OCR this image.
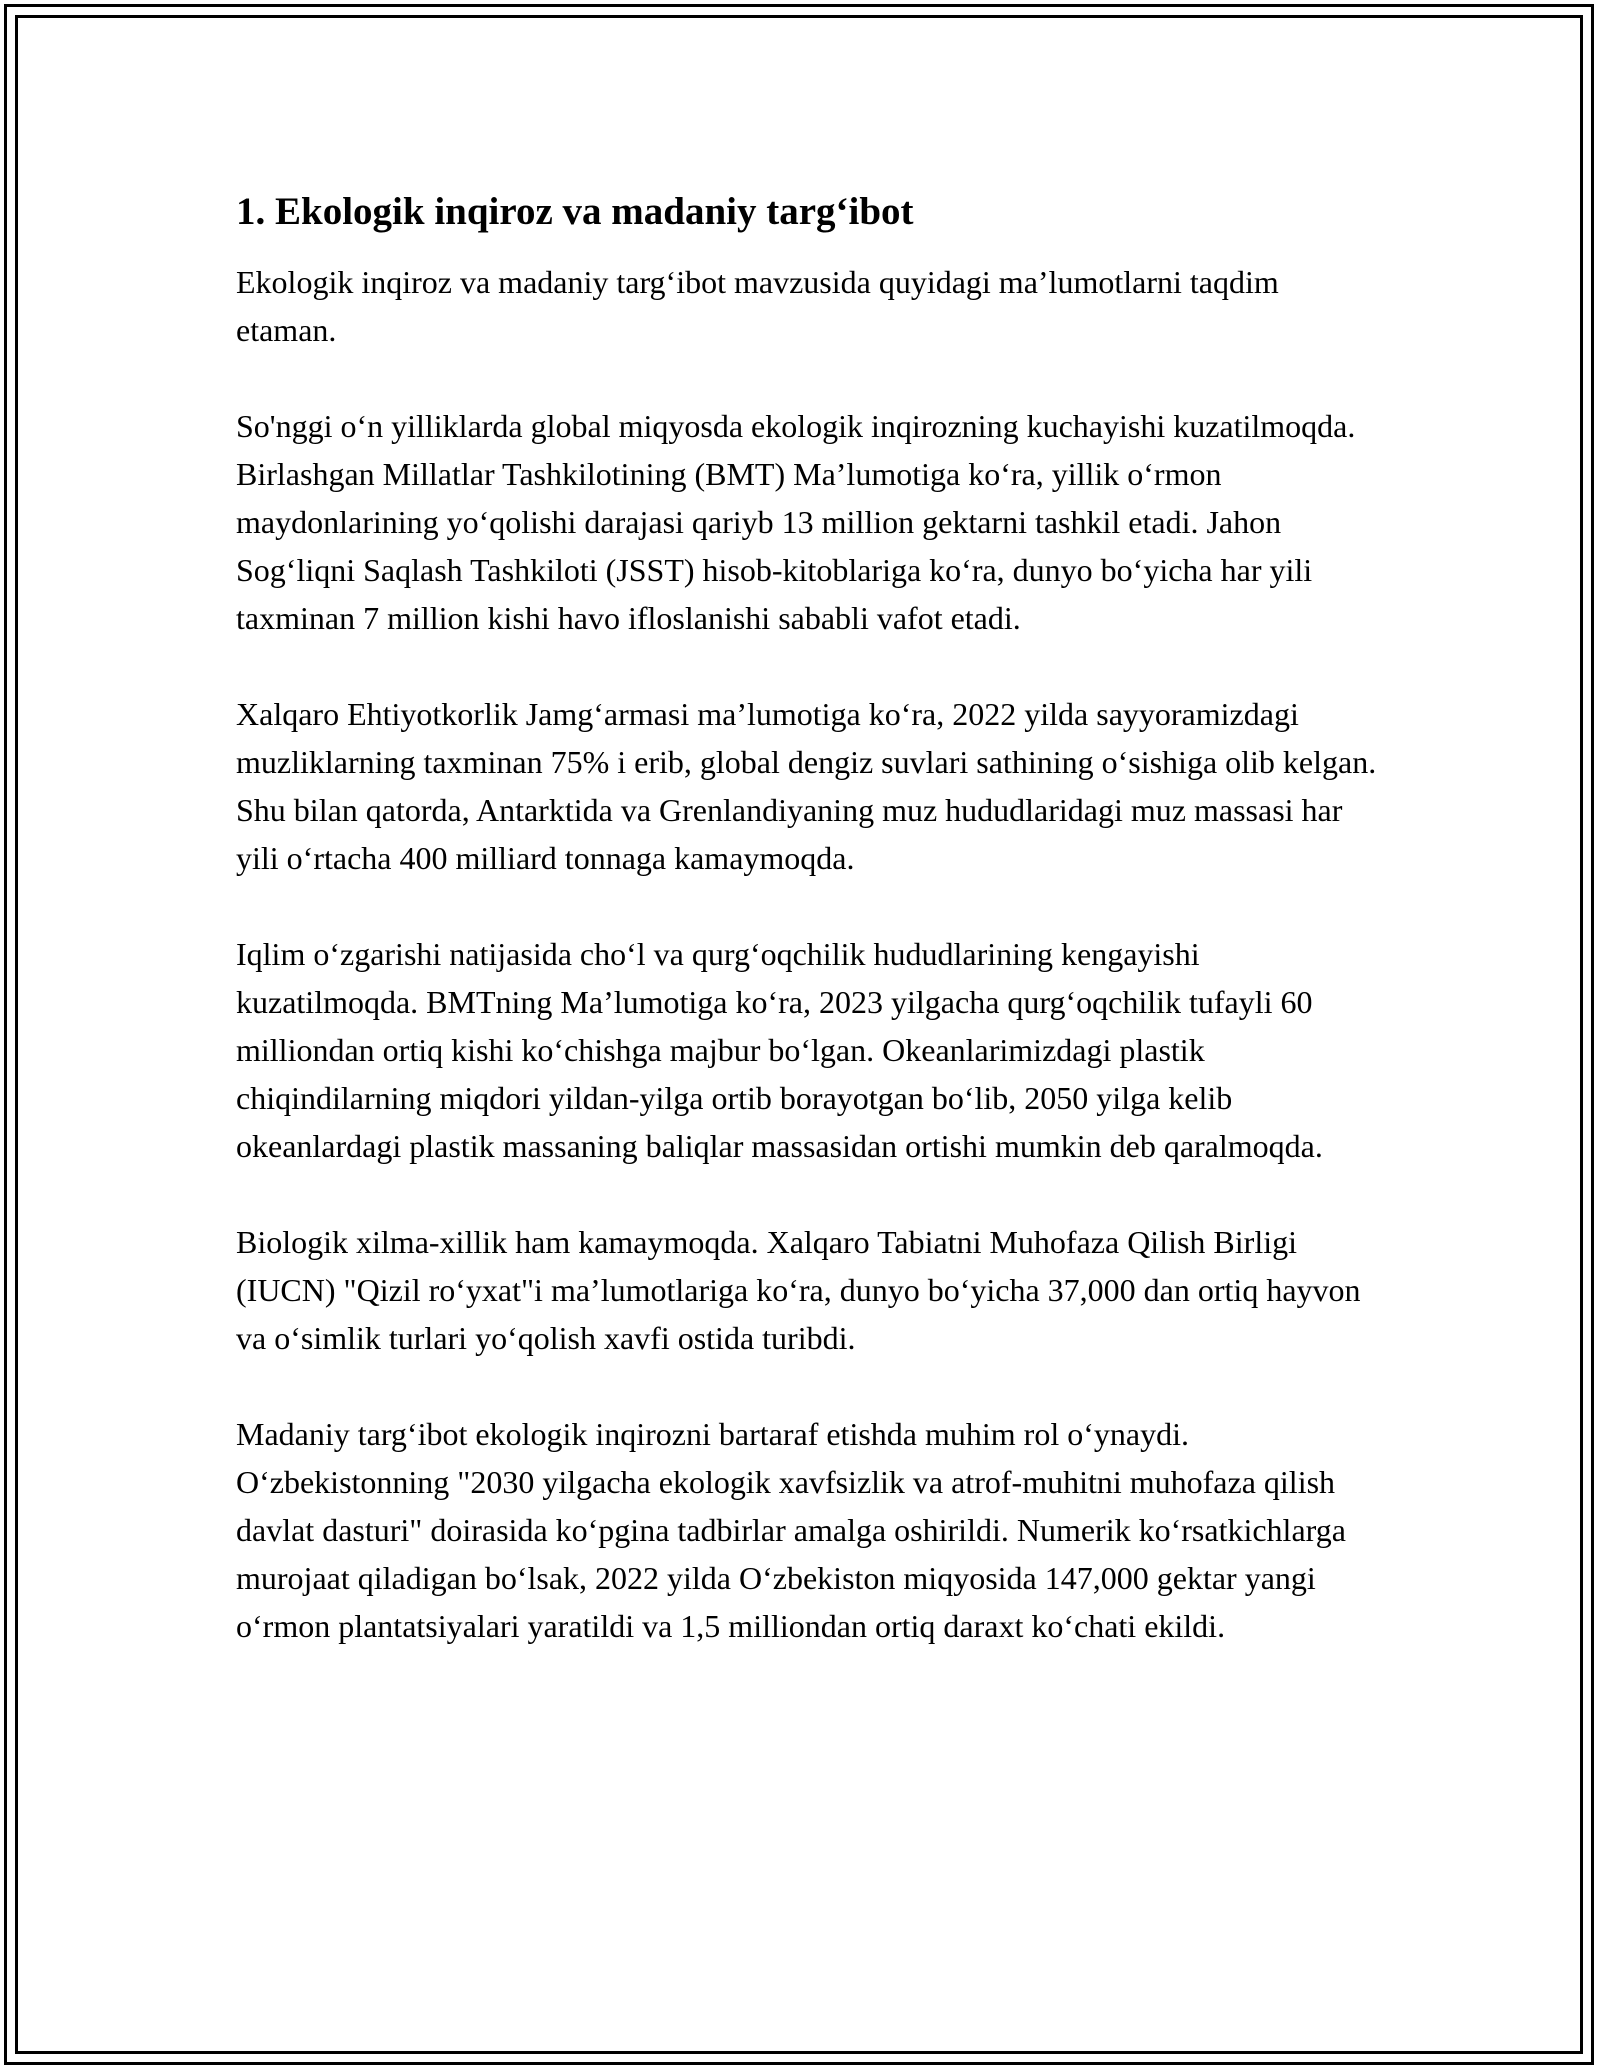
1. Ekologik inqiroz va madaniy targ‘ibot

Ekologik inqiroz va madaniy targ‘ibot mavzusida quyidagi ma’lumotlarni taqdim etaman.

So'nggi o‘n yilliklarda global miqyosda ekologik inqirozning kuchayishi kuzatilmoqda. Birlashgan Millatlar Tashkilotining (BMT) Ma’lumotiga ko‘ra, yillik o‘rmon maydonlarining yo‘qolishi darajasi qariyb 13 million gektarni tashkil etadi. Jahon Sog‘liqni Saqlash Tashkiloti (JSST) hisob-kitoblariga ko‘ra, dunyo bo‘yicha har yili taxminan 7 million kishi havo ifloslanishi sababli vafot etadi.

Xalqaro Ehtiyotkorlik Jamg‘armasi ma’lumotiga ko‘ra, 2022 yilda sayyoramizdagi muzliklarning taxminan 75% i erib, global dengiz suvlari sathining o‘sishiga olib kelgan. Shu bilan qatorda, Antarktida va Grenlandiyaning muz hududlaridagi muz massasi har yili o‘rtacha 400 milliard tonnaga kamaymoqda.

Iqlim o‘zgarishi natijasida cho‘l va qurg‘oqchilik hududlarining kengayishi kuzatilmoqda. BMTning Ma’lumotiga ko‘ra, 2023 yilgacha qurg‘oqchilik tufayli 60 milliondan ortiq kishi ko‘chishga majbur bo‘lgan. Okeanlarimizdagi plastik chiqindilarning miqdori yildan-yilga ortib borayotgan bo‘lib, 2050 yilga kelib okeanlardagi plastik massaning baliqlar massasidan ortishi mumkin deb qaralmoqda.

Biologik xilma-xillik ham kamaymoqda. Xalqaro Tabiatni Muhofaza Qilish Birligi (IUCN) "Qizil ro‘yxat"i ma’lumotlariga ko‘ra, dunyo bo‘yicha 37,000 dan ortiq hayvon va o‘simlik turlari yo‘qolish xavfi ostida turibdi.

Madaniy targ‘ibot ekologik inqirozni bartaraf etishda muhim rol o‘ynaydi. O‘zbekistonning "2030 yilgacha ekologik xavfsizlik va atrof-muhitni muhofaza qilish davlat dasturi" doirasida ko‘pgina tadbirlar amalga oshirildi. Numerik ko‘rsatkichlarga murojaat qiladigan bo‘lsak, 2022 yilda O‘zbekiston miqyosida 147,000 gektar yangi o‘rmon plantatsiyalari yaratildi va 1,5 milliondan ortiq daraxt ko‘chati ekildi.
